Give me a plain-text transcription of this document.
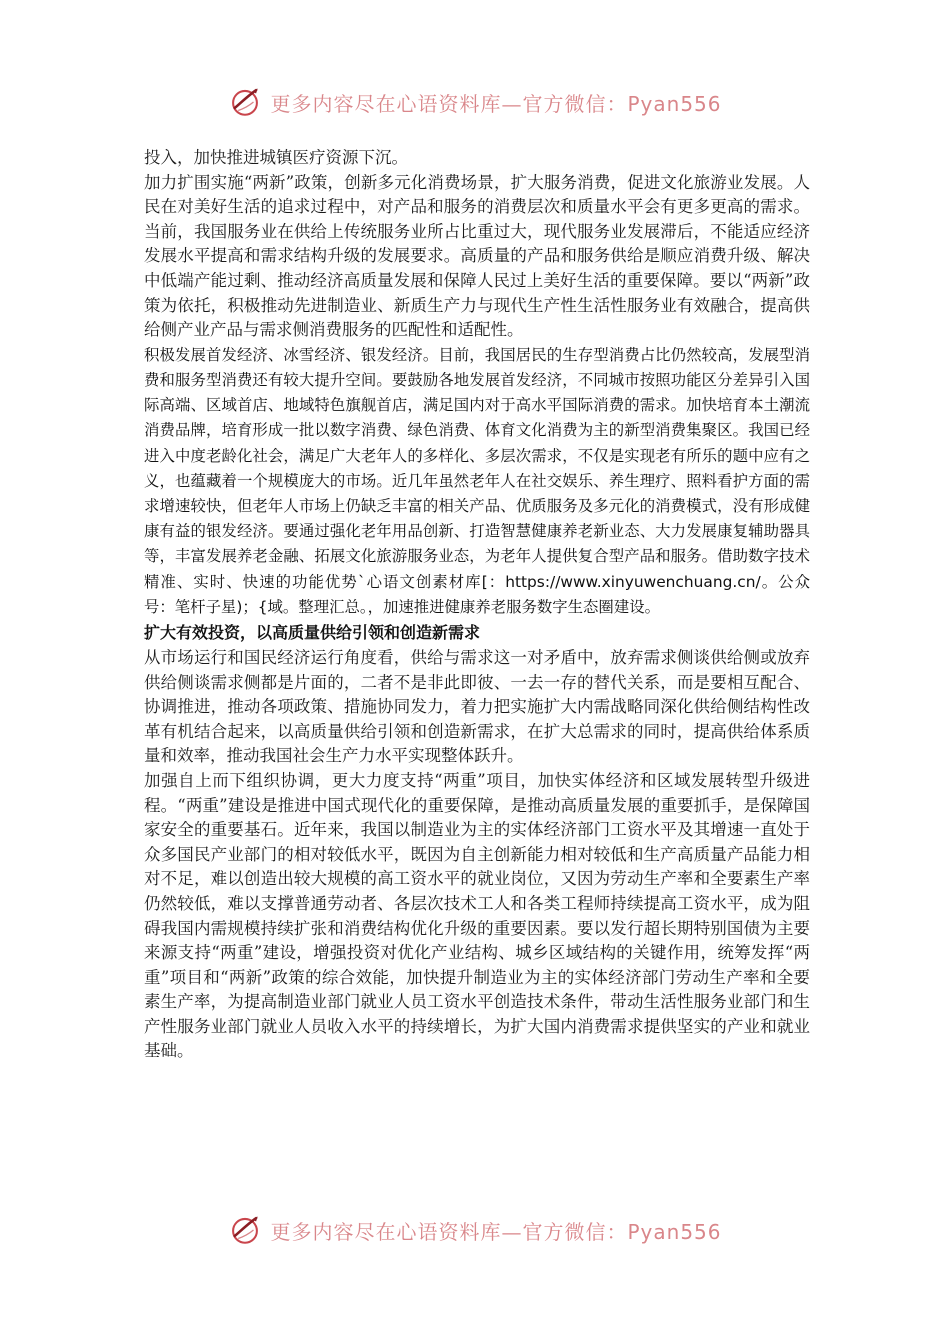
更多内容尽在心语资料库—官方微信：Pyan556

投入，加快推进城镇医疗资源下沉。

加力扩围实施“两新”政策，创新多元化消费场景，扩大服务消费，促进文化旅游业发展。人民在对美好生活的追求过程中，对产品和服务的消费层次和质量水平会有更多更高的需求。当前，我国服务业在供给上传统服务业所占比重过大，现代服务业发展滞后，不能适应经济发展水平提高和需求结构升级的发展要求。高质量的产品和服务供给是顺应消费升级、解决中低端产能过剩、推动经济高质量发展和保障人民过上美好生活的重要保障。要以“两新”政策为依托，积极推动先进制造业、新质生产力与现代生产性生活性服务业有效融合，提高供给侧产业产品与需求侧消费服务的匹配性和适配性。

积极发展首发经济、冰雪经济、银发经济。目前，我国居民的生存型消费占比仍然较高，发展型消费和服务型消费还有较大提升空间。要鼓励各地发展首发经济，不同城市按照功能区分差异引入国际高端、区域首店、地域特色旗舰首店，满足国内对于高水平国际消费的需求。加快培育本土潮流消费品牌，培育形成一批以数字消费、绿色消费、体育文化消费为主的新型消费集聚区。我国已经进入中度老龄化社会，满足广大老年人的多样化、多层次需求，不仅是实现老有所乐的题中应有之义，也蕴藏着一个规模庞大的市场。近几年虽然老年人在社交娱乐、养生理疗、照料看护方面的需求增速较快，但老年人市场上仍缺乏丰富的相关产品、优质服务及多元化的消费模式，没有形成健康有益的银发经济。要通过强化老年用品创新、打造智慧健康养老新业态、大力发展康复辅助器具等，丰富发展养老金融、拓展文化旅游服务业态，为老年人提供复合型产品和服务。借助数字技术精准、实时、快速的功能优势`心语文创素材库[：https://www.xinyuwenchuang.cn/。公众号：笔杆子星)；{域。整理汇总。，加速推进健康养老服务数字生态圈建设。

扩大有效投资，以高质量供给引领和创造新需求

从市场运行和国民经济运行角度看，供给与需求这一对矛盾中，放弃需求侧谈供给侧或放弃供给侧谈需求侧都是片面的，二者不是非此即彼、一去一存的替代关系，而是要相互配合、协调推进，推动各项政策、措施协同发力，着力把实施扩大内需战略同深化供给侧结构性改革有机结合起来，以高质量供给引领和创造新需求，在扩大总需求的同时，提高供给体系质量和效率，推动我国社会生产力水平实现整体跃升。

加强自上而下组织协调，更大力度支持“两重”项目，加快实体经济和区域发展转型升级进程。“两重”建设是推进中国式现代化的重要保障，是推动高质量发展的重要抓手，是保障国家安全的重要基石。近年来，我国以制造业为主的实体经济部门工资水平及其增速一直处于众多国民产业部门的相对较低水平，既因为自主创新能力相对较低和生产高质量产品能力相对不足，难以创造出较大规模的高工资水平的就业岗位，又因为劳动生产率和全要素生产率仍然较低，难以支撑普通劳动者、各层次技术工人和各类工程师持续提高工资水平，成为阻碍我国内需规模持续扩张和消费结构优化升级的重要因素。要以发行超长期特别国债为主要来源支持“两重”建设，增强投资对优化产业结构、城乡区域结构的关键作用，统筹发挥“两重”项目和“两新”政策的综合效能，加快提升制造业为主的实体经济部门劳动生产率和全要素生产率，为提高制造业部门就业人员工资水平创造技术条件，带动生活性服务业部门和生产性服务业部门就业人员收入水平的持续增长，为扩大国内消费需求提供坚实的产业和就业基础。

更多内容尽在心语资料库—官方微信：Pyan556
